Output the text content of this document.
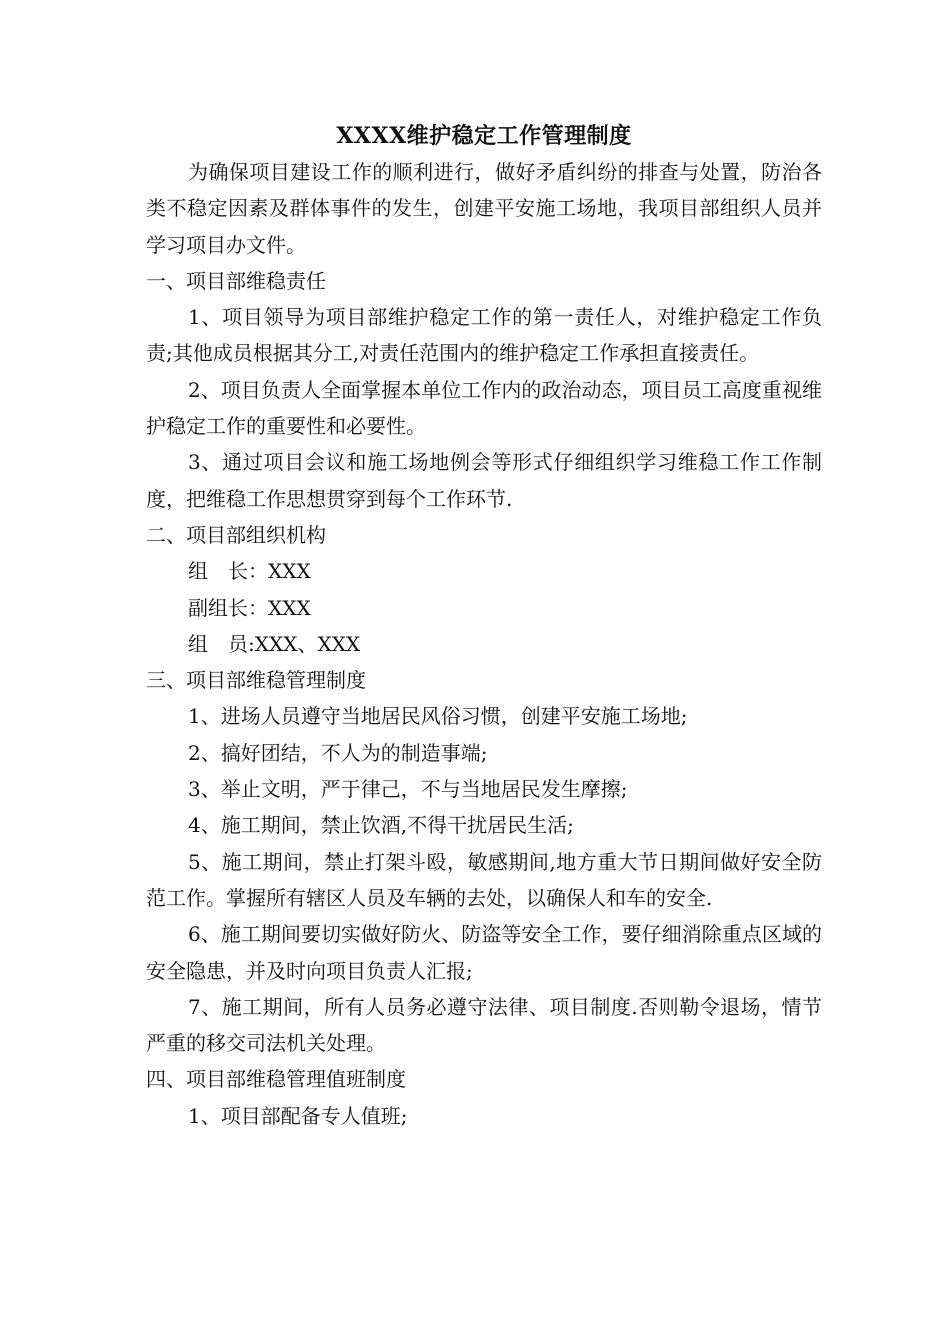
XXXX维护稳定工作管理制度

为确保项目建设工作的顺利进行，做好矛盾纠纷的排查与处置，防治各类不稳定因素及群体事件的发生，创建平安施工场地，我项目部组织人员并学习项目办文件。

一、项目部维稳责任

1、项目领导为项目部维护稳定工作的第一责任人，对维护稳定工作负责;其他成员根据其分工,对责任范围内的维护稳定工作承担直接责任。

2、项目负责人全面掌握本单位工作内的政治动态，项目员工高度重视维护稳定工作的重要性和必要性。

3、通过项目会议和施工场地例会等形式仔细组织学习维稳工作工作制度，把维稳工作思想贯穿到每个工作环节.

二、项目部组织机构
组　长：XXX
副组长：XXX
组　员:XXX、XXX
三、项目部维稳管理制度

1、进场人员遵守当地居民风俗习惯，创建平安施工场地;

2、搞好团结，不人为的制造事端;

3、举止文明，严于律己，不与当地居民发生摩擦;

4、施工期间，禁止饮酒,不得干扰居民生活;

5、施工期间，禁止打架斗殴，敏感期间,地方重大节日期间做好安全防范工作。掌握所有辖区人员及车辆的去处，以确保人和车的安全.

6、施工期间要切实做好防火、防盗等安全工作，要仔细消除重点区域的安全隐患，并及时向项目负责人汇报;

7、施工期间，所有人员务必遵守法律、项目制度.否则勒令退场，情节严重的移交司法机关处理。

四、项目部维稳管理值班制度

1、项目部配备专人值班;
